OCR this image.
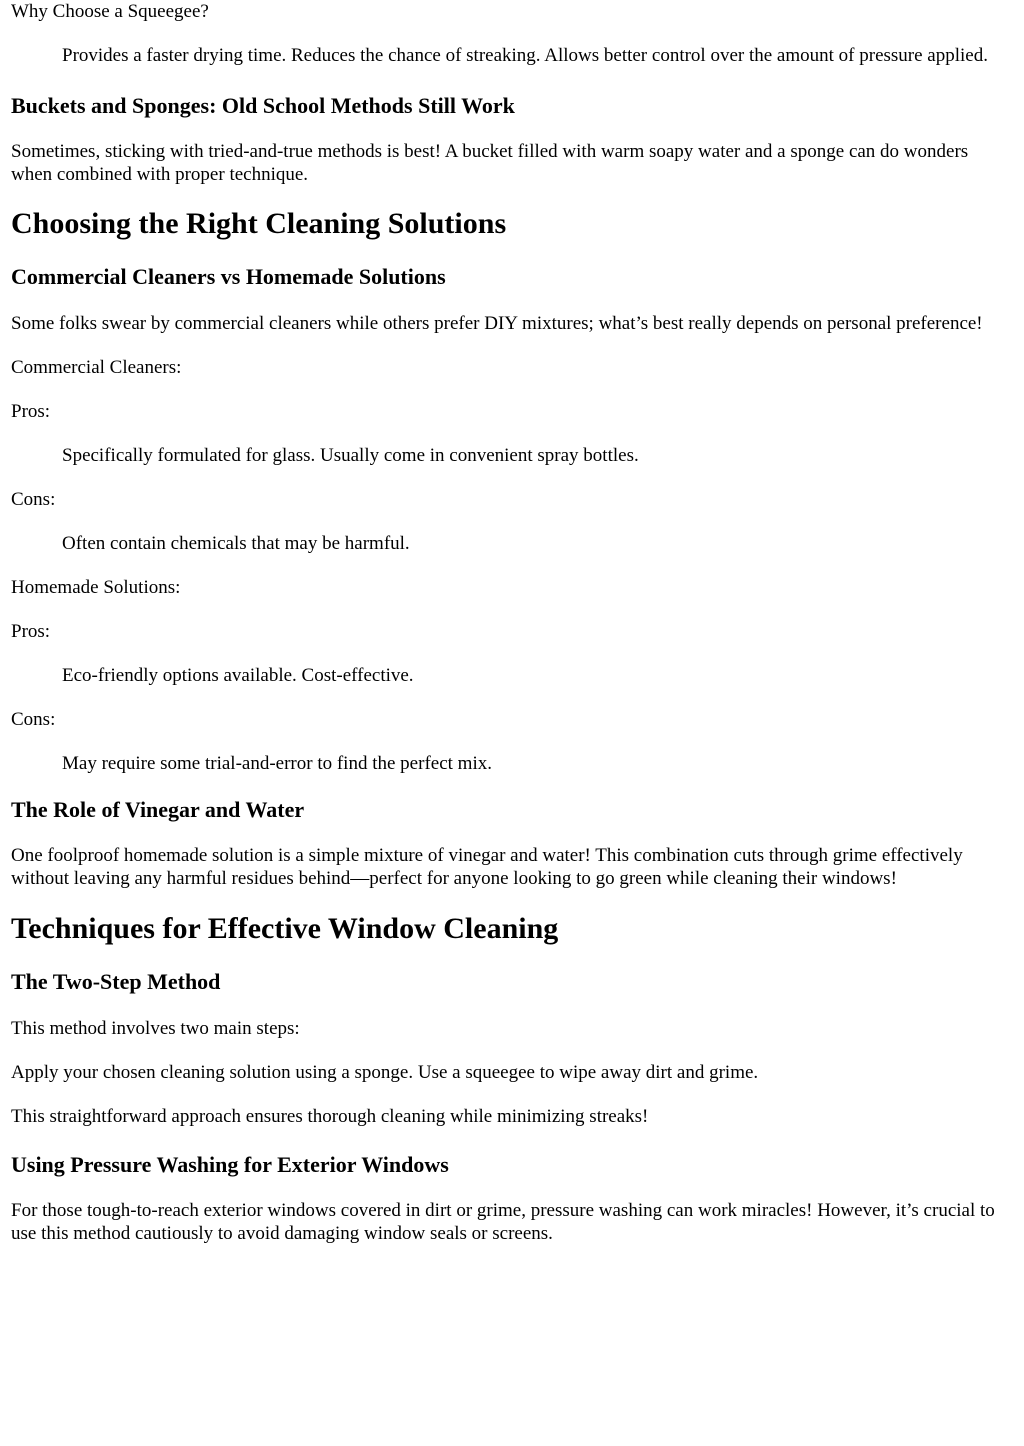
Why Choose a Squeegee?

Provides a faster drying time. Reduces the chance of streaking. Allows better control over the amount of pressure applied.

Buckets and Sponges: Old School Methods Still Work

Sometimes, sticking with tried-and-true methods is best! A bucket filled with warm soapy water and a sponge can do wonders when combined with proper technique.

Choosing the Right Cleaning Solutions
Commercial Cleaners vs Homemade Solutions

Some folks swear by commercial cleaners while others prefer DIY mixtures; what’s best really depends on personal preference!

Commercial Cleaners:

Pros:

Specifically formulated for glass. Usually come in convenient spray bottles.

Cons:

Often contain chemicals that may be harmful.

Homemade Solutions:

Pros:

Eco-friendly options available. Cost-effective.

Cons:

May require some trial-and-error to find the perfect mix.

The Role of Vinegar and Water

One foolproof homemade solution is a simple mixture of vinegar and water! This combination cuts through grime effectively without leaving any harmful residues behind—perfect for anyone looking to go green while cleaning their windows!

Techniques for Effective Window Cleaning
The Two-Step Method

This method involves two main steps:

Apply your chosen cleaning solution using a sponge. Use a squeegee to wipe away dirt and grime.

This straightforward approach ensures thorough cleaning while minimizing streaks!

Using Pressure Washing for Exterior Windows

For those tough-to-reach exterior windows covered in dirt or grime, pressure washing can work miracles! However, it’s crucial to use this method cautiously to avoid damaging window seals or screens.
